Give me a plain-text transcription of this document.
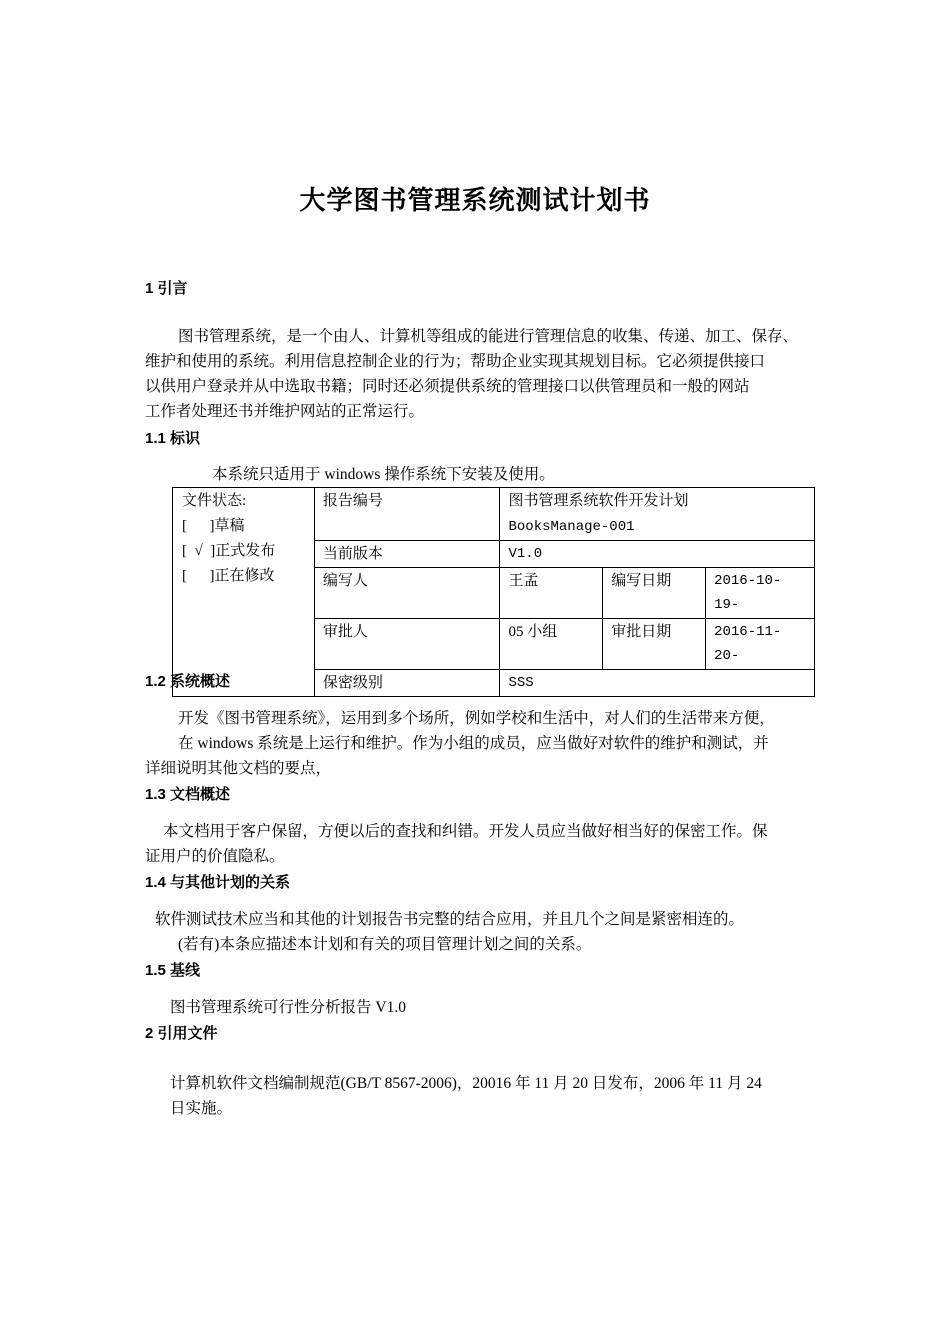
大学图书管理系统测试计划书
1 引言
图书管理系统，是一个由人、计算机等组成的能进行管理信息的收集、传递、加工、保存、
维护和使用的系统。利用信息控制企业的行为；帮助企业实现其规划目标。它必须提供接口
以供用户登录并从中选取书籍；同时还必须提供系统的管理接口以供管理员和一般的网站
工作者处理还书并维护网站的正常运行。
1.1 标识
本系统只适用于 windows 操作系统下安装及使用。
文件状态:
[      ]草稿
[  √  ]正式发布
[      ]正在修改	报告编号	图书管理系统软件开发计划		
		BooksManage-001		
	当前版本	V1.0		
	编写人	王孟	编写日期	2016-10-19-
	审批人	05 小组	审批日期	2016-11-20-
	保密级别	SSS		
1.2 系统概述
开发《图书管理系统》，运用到多个场所，例如学校和生活中，对人们的生活带来方便，
在 windows 系统是上运行和维护。作为小组的成员，应当做好对软件的维护和测试，并
详细说明其他文档的要点，
1.3 文档概述
本文档用于客户保留，方便以后的查找和纠错。开发人员应当做好相当好的保密工作。保
证用户的价值隐私。
1.4 与其他计划的关系
软件测试技术应当和其他的计划报告书完整的结合应用，并且几个之间是紧密相连的。
(若有)本条应描述本计划和有关的项目管理计划之间的关系。
1.5 基线
图书管理系统可行性分析报告 V1.0
2 引用文件
计算机软件文档编制规范(GB/T 8567-2006)，20016 年 11 月 20 日发布，2006 年 11 月 24
日实施。
